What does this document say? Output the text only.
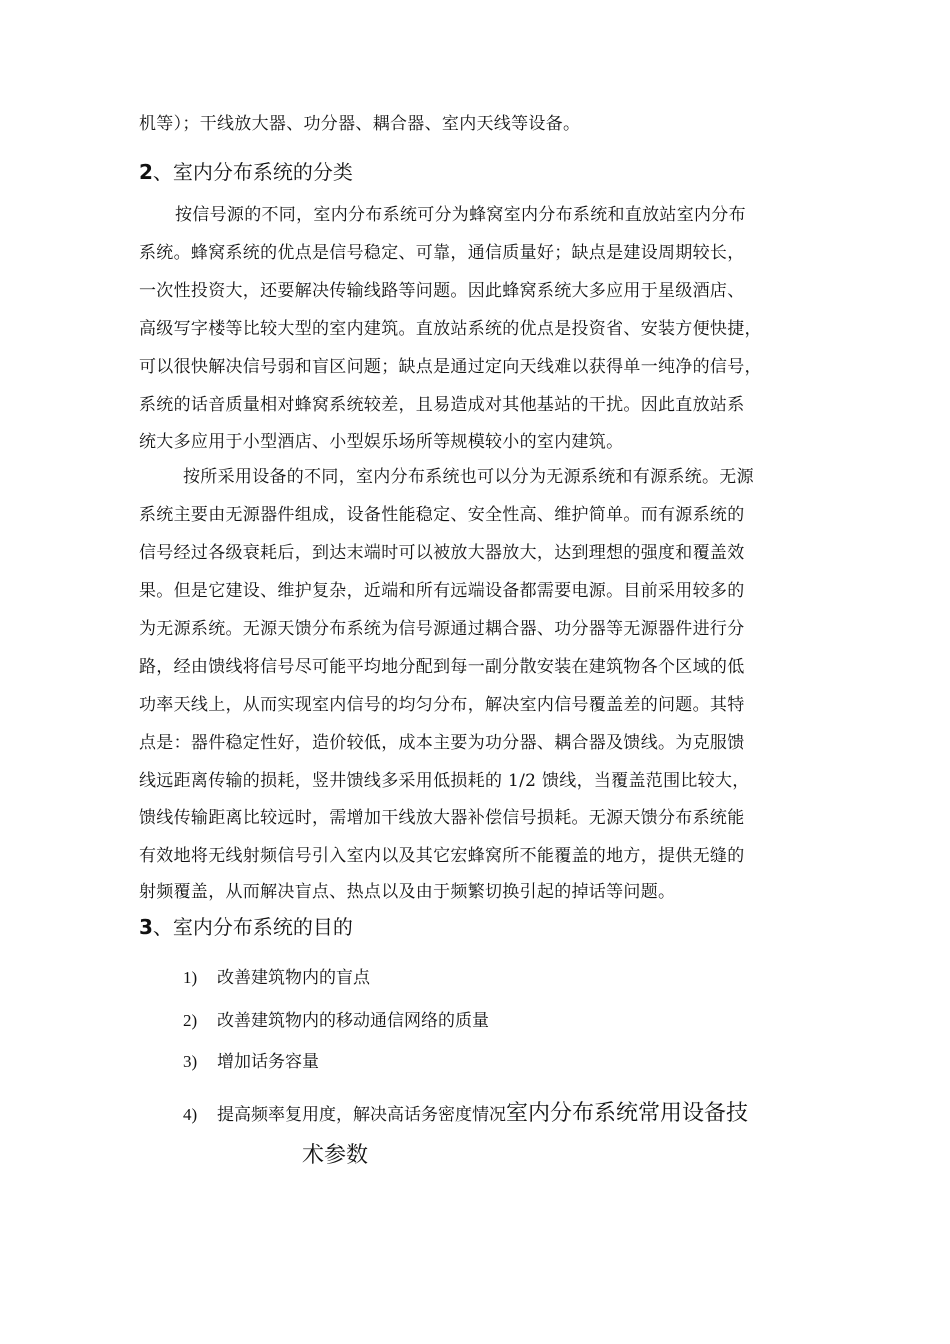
机等）；干线放大器、功分器、耦合器、室内天线等设备。
2、室内分布系统的分类
按信号源的不同，室内分布系统可分为蜂窝室内分布系统和直放站室内分布
系统。蜂窝系统的优点是信号稳定、可靠，通信质量好；缺点是建设周期较长，
一次性投资大，还要解决传输线路等问题。因此蜂窝系统大多应用于星级酒店、
高级写字楼等比较大型的室内建筑。直放站系统的优点是投资省、安装方便快捷，
可以很快解决信号弱和盲区问题；缺点是通过定向天线难以获得单一纯净的信号，
系统的话音质量相对蜂窝系统较差，且易造成对其他基站的干扰。因此直放站系
统大多应用于小型酒店、小型娱乐场所等规模较小的室内建筑。
按所采用设备的不同，室内分布系统也可以分为无源系统和有源系统。无源
系统主要由无源器件组成，设备性能稳定、安全性高、维护简单。而有源系统的
信号经过各级衰耗后，到达末端时可以被放大器放大，达到理想的强度和覆盖效
果。但是它建设、维护复杂，近端和所有远端设备都需要电源。目前采用较多的
为无源系统。无源天馈分布系统为信号源通过耦合器、功分器等无源器件进行分
路，经由馈线将信号尽可能平均地分配到每一副分散安装在建筑物各个区域的低
功率天线上，从而实现室内信号的均匀分布，解决室内信号覆盖差的问题。其特
点是：器件稳定性好，造价较低，成本主要为功分器、耦合器及馈线。为克服馈
线远距离传输的损耗，竖井馈线多采用低损耗的 1/2 馈线，当覆盖范围比较大，
馈线传输距离比较远时，需增加干线放大器补偿信号损耗。无源天馈分布系统能
有效地将无线射频信号引入室内以及其它宏蜂窝所不能覆盖的地方，提供无缝的
射频覆盖，从而解决盲点、热点以及由于频繁切换引起的掉话等问题。
3、室内分布系统的目的
1) 改善建筑物内的盲点
2) 改善建筑物内的移动通信网络的质量
3) 增加话务容量
4) 提高频率复用度，解决高话务密度情况室内分布系统常用设备技
术参数
